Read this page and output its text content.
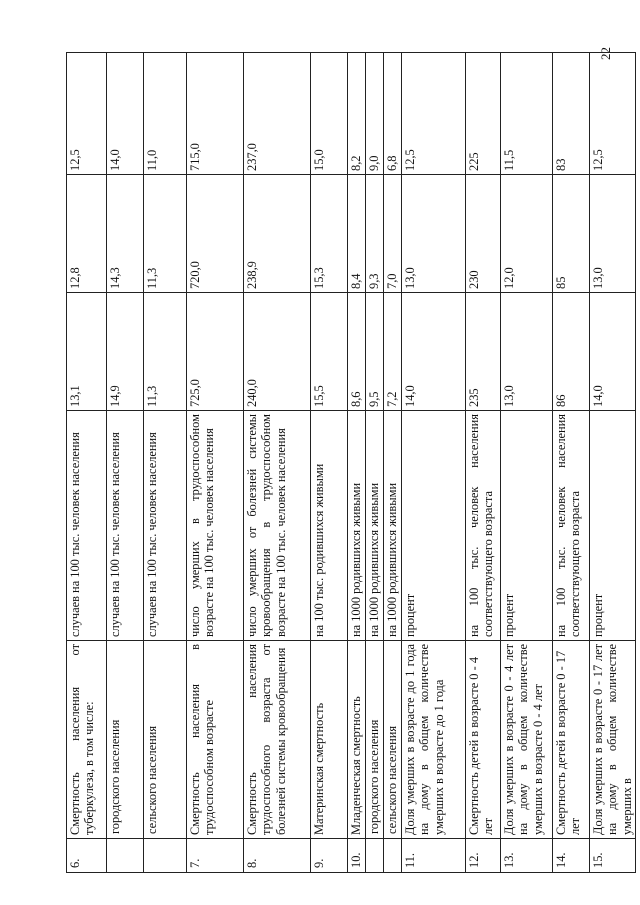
22
6.	Смертность населения от туберкулеза, в том числе:	случаев на 100 тыс. человек населения	13,1	12,8	12,5
	городского населения	случаев на 100 тыс. человек населения	14,9	14,3	14,0
	сельского населения	случаев на 100 тыс. человек населения	11,3	11,3	11,0
7.	Смертность населения в трудоспособном возрасте	число умерших в трудоспособном возрасте на 100 тыс. человек населения	725,0	720,0	715,0
8.	Смертность населения трудоспособного возраста от болезней системы кровообращения	число умерших от болезней системы кровообращения в трудоспособном возрасте на 100 тыс. человек населения	240,0	238,9	237,0
9.	Материнская смертность	на 100 тыс. родившихся живыми	15,5	15,3	15,0
10.	Младенческая смертность	на 1000 родившихся живыми	8,6	8,4	8,2
	городского населения	на 1000 родившихся живыми	9,5	9,3	9,0
	сельского населения	на 1000 родившихся живыми	7,2	7,0	6,8
11.	Доля умерших в возрасте до 1 года на дому в общем количестве умерших в возрасте до 1 года	процент	14,0	13,0	12,5
12.	Смертность детей в возрасте 0 - 4 лет	на 100 тыс. человек населения соответствующего возраста	235	230	225
13.	Доля умерших в возрасте 0 - 4 лет на дому в общем количестве умерших в возрасте 0 - 4 лет	процент	13,0	12,0	11,5
14.	Смертность детей в возрасте 0 - 17 лет	на 100 тыс. человек населения соответствующего возраста	86	85	83
15.	Доля умерших в возрасте 0 - 17 лет на дому в общем количестве умерших в	процент	14,0	13,0	12,5
